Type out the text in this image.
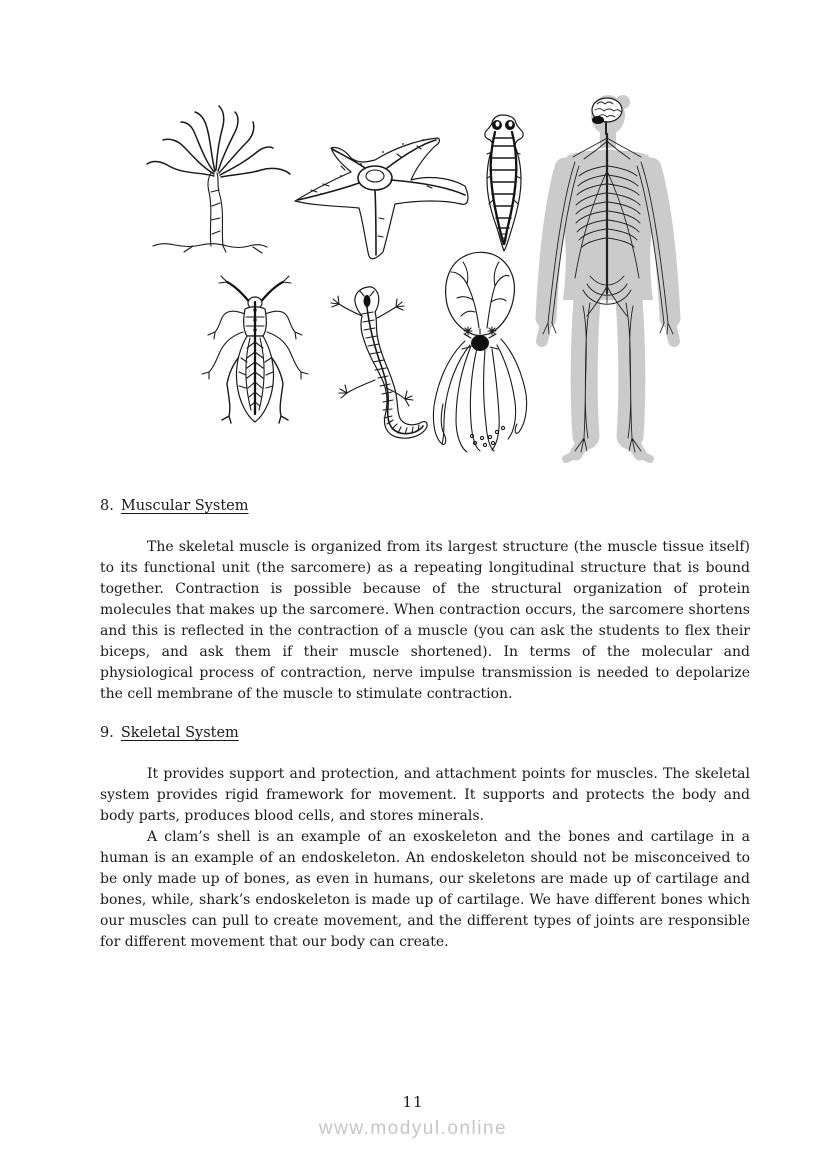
8. Muscular System

The skeletal muscle is organized from its largest structure (the muscle tissue itself) to its functional unit (the sarcomere) as a repeating longitudinal structure that is bound together. Contraction is possible because of the structural organization of protein molecules that makes up the sarcomere. When contraction occurs, the sarcomere shortens and this is reflected in the contraction of a muscle (you can ask the students to flex their biceps, and ask them if their muscle shortened). In terms of the molecular and physiological process of contraction, nerve impulse transmission is needed to depolarize the cell membrane of the muscle to stimulate contraction.

9. Skeletal System

It provides support and protection, and attachment points for muscles. The skeletal system provides rigid framework for movement. It supports and protects the body and body parts, produces blood cells, and stores minerals.

A clam’s shell is an example of an exoskeleton and the bones and cartilage in a human is an example of an endoskeleton. An endoskeleton should not be misconceived to be only made up of bones, as even in humans, our skeletons are made up of cartilage and bones, while, shark’s endoskeleton is made up of cartilage. We have different bones which our muscles can pull to create movement, and the different types of joints are responsible for different movement that our body can create.

11
www.modyul.online
